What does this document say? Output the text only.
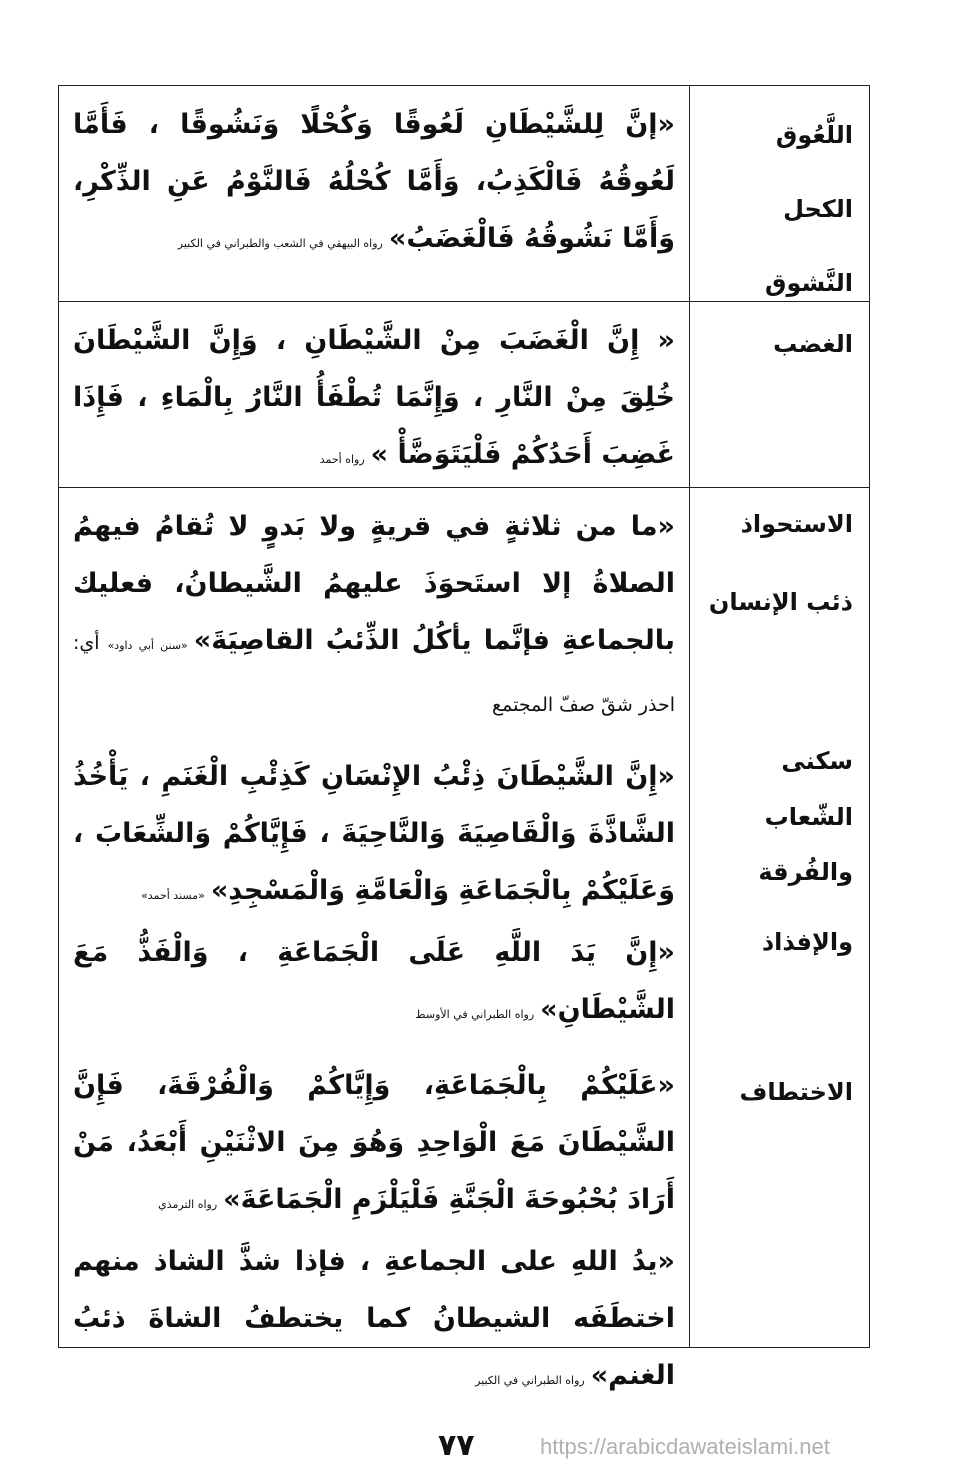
اللَّعُوق
الكحل
النَّشوق

«إنَّ لِلشَّيْطَانِ لَعُوقًا وَكُحْلًا وَنَشُوقًا ، فَأَمَّا لَعُوقُهُ فَالْكَذِبُ، وَأَمَّا كُحْلُهُ فَالنَّوْمُ عَنِ الذِّكْرِ، وَأَمَّا نَشُوقُهُ فَالْغَضَبُ»رواه البيهقي في الشعب والطبراني في الكبير

الغضب

« إِنَّ الْغَضَبَ مِنْ الشَّيْطَانِ ، وَإِنَّ الشَّيْطَانَ خُلِقَ مِنْ النَّارِ ، وَإِنَّمَا تُطْفَأُ النَّارُ بِالْمَاءِ ، فَإِذَا غَضِبَ أَحَدُكُمْ فَلْيَتَوَضَّأْ »رواه أحمد

الاستحواذ
ذئب الإنسان
سكنى الشّعاب
والفُرقة
والإفذاذ
الاختطاف

«ما من ثلاثةٍ في قريةٍ ولا بَدوٍ لا تُقامُ فيهمُ الصلاةُ إلا استَحوَذَ عليهمُ الشَّيطانُ، فعليك بالجماعةِ فإنَّما يأكُلُ الذِّئبُ القاصِيَةَ»«سنن أبي داود»أي: احذر شقّ صفّ المجتمع

«إِنَّ الشَّيْطَانَ ذِئْبُ الإِنْسَانِ كَذِئْبِ الْغَنَمِ ، يَأْخُذُ الشَّاذَّةَ وَالْقَاصِيَةَ وَالنَّاحِيَةَ ، فَإِيَّاكُمْ وَالشِّعَابَ ، وَعَلَيْكُمْ بِالْجَمَاعَةِ وَالْعَامَّةِ وَالْمَسْجِدِ»«مسند أحمد»

«إِنَّ يَدَ اللَّهِ عَلَى الْجَمَاعَةِ ، وَالْفَذُّ مَعَ الشَّيْطَانِ»رواه الطبراني في الأوسط

«عَلَيْكُمْ بِالْجَمَاعَةِ، وَإِيَّاكُمْ وَالْفُرْقَةَ، فَإِنَّ الشَّيْطَانَ مَعَ الْوَاحِدِ وَهُوَ مِنَ الاثْنَيْنِ أَبْعَدُ، مَنْ أَرَادَ بُحْبُوحَةَ الْجَنَّةِ فَلْيَلْزَمِ الْجَمَاعَةَ»رواه الترمذي

«يدُ اللهِ على الجماعةِ ، فإذا شذَّ الشاذ منهم اختطَفَه الشيطانُ كما يختطفُ الشاةَ ذئبُ الغنم»رواه الطبراني في الكبير

٧٧	https://arabicdawateislami.net
